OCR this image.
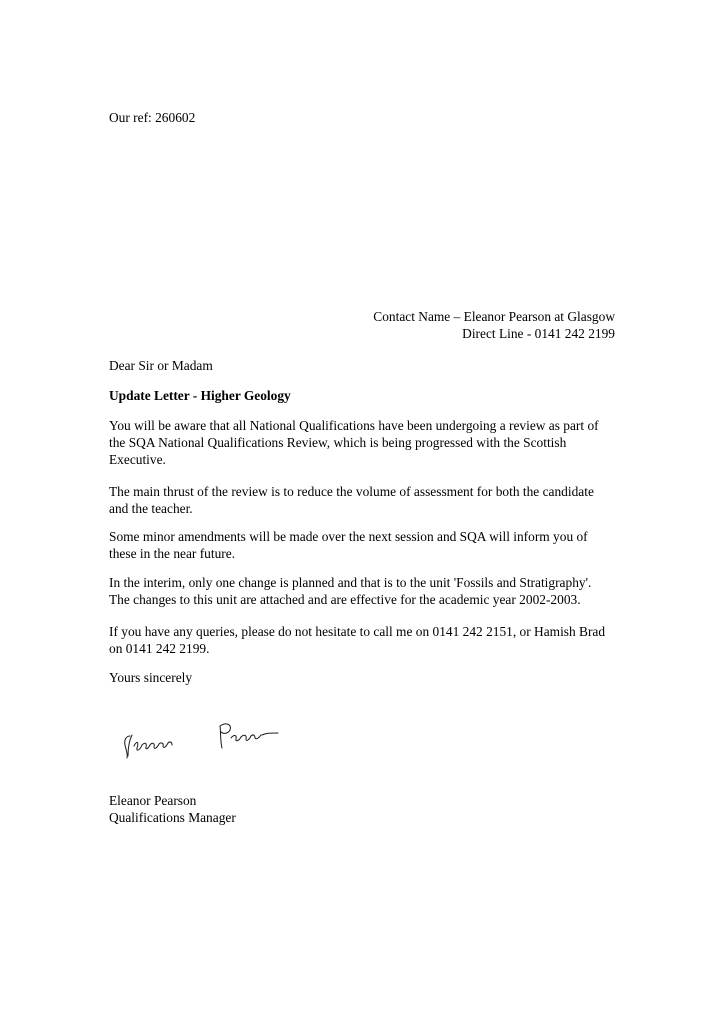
Our ref: 260602

Contact Name – Eleanor Pearson at Glasgow
Direct Line - 0141 242 2199
Dear Sir or Madam
Update Letter - Higher Geology
You will be aware that all National Qualifications have been undergoing a review as part of
the SQA National Qualifications Review, which is being progressed with the Scottish
Executive.
The main thrust of the review is to reduce the volume of assessment for both the candidate
and the teacher.
Some minor amendments will be made over the next session and SQA will inform you of
these in the near future.
In the interim, only one change is planned and that is to the unit 'Fossils and Stratigraphy'.
The changes to this unit are attached and are effective for the academic year 2002-2003.
If you have any queries, please do not hesitate to call me on 0141 242 2151, or Hamish Brad
on 0141 242 2199.
Yours sincerely
Eleanor Pearson
Qualifications Manager
